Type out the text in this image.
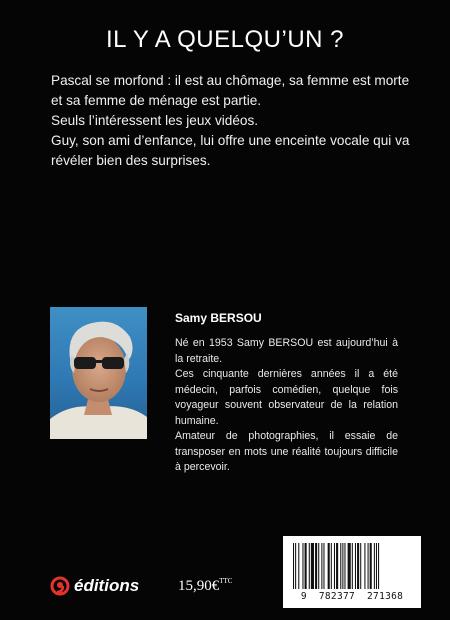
IL Y A QUELQU’UN ?

Pascal se morfond : il est au chômage, sa femme est morte et sa femme de ménage est partie.

Seuls l’intéressent les jeux vidéos.

Guy, son ami d’enfance, lui offre une enceinte vocale qui va révéler bien des surprises.

Samy BERSOU

Né en 1953 Samy BERSOU est aujourd’hui à la retraite.

Ces cinquante dernières années il a été médecin, parfois comédien, quelque fois voyageur souvent observateur de la relation humaine.

Amateur de photographies, il essaie de transposer en mots une réalité toujours difficile à percevoir.

éditions	15,90€$^{TTC}$
9  782377  271368
